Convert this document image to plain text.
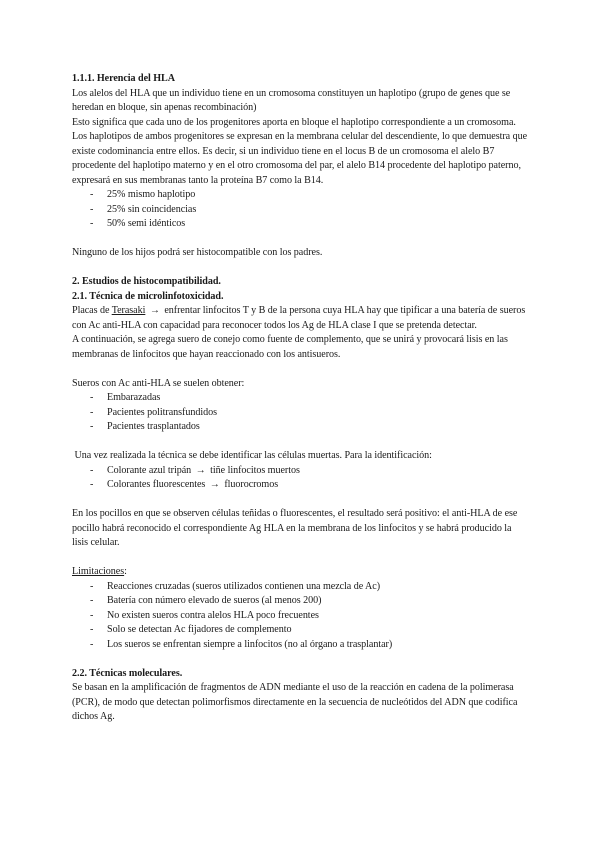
1.1.1. Herencia del HLA

Los alelos del HLA que un individuo tiene en un cromosoma constituyen un haplotipo (grupo de genes que se heredan en bloque, sin apenas recombinación)

Esto significa que cada uno de los progenitores aporta en bloque el haplotipo correspondiente a un cromosoma. Los haplotipos de ambos progenitores se expresan en la membrana celular del descendiente, lo que demuestra que existe codominancia entre ellos. Es decir, si un individuo tiene en el locus B de un cromosoma el alelo B7 procedente del haplotipo materno y en el otro cromosoma del par, el alelo B14 procedente del haplotipo paterno, expresará en sus membranas tanto la proteína B7 como la B14.

- 25% mismo haplotipo
- 25% sin coincidencias
- 50% semi idénticos

Ninguno de los hijos podrá ser histocompatible con los padres.

2. Estudios de histocompatibilidad.

2.1. Técnica de microlinfotoxicidad.

Placas de Terasaki → enfrentar linfocitos T y B de la persona cuya HLA hay que tipificar a una batería de sueros con Ac anti-HLA con capacidad para reconocer todos los Ag de HLA clase I que se pretenda detectar.

A continuación, se agrega suero de conejo como fuente de complemento, que se unirá y provocará lisis en las membranas de linfocitos que hayan reaccionado con los antisueros.

Sueros con Ac anti-HLA se suelen obtener:

- Embarazadas
- Pacientes politransfundidos
- Pacientes trasplantados

Una vez realizada la técnica se debe identificar las células muertas. Para la identificación:

- Colorante azul tripán → tiñe linfocitos muertos
- Colorantes fluorescentes → fluorocromos

En los pocillos en que se observen células teñidas o fluorescentes, el resultado será positivo: el anti-HLA de ese pocillo habrá reconocido el correspondiente Ag HLA en la membrana de los linfocitos y se habrá producido la lisis celular.

Limitaciones:

- Reacciones cruzadas (sueros utilizados contienen una mezcla de Ac)
- Batería con número elevado de sueros (al menos 200)
- No existen sueros contra alelos HLA poco frecuentes
- Solo se detectan Ac fijadores de complemento
- Los sueros se enfrentan siempre a linfocitos (no al órgano a trasplantar)

2.2. Técnicas moleculares.

Se basan en la amplificación de fragmentos de ADN mediante el uso de la reacción en cadena de la polimerasa (PCR), de modo que detectan polimorfismos directamente en la secuencia de nucleótidos del ADN que codifica dichos Ag.
